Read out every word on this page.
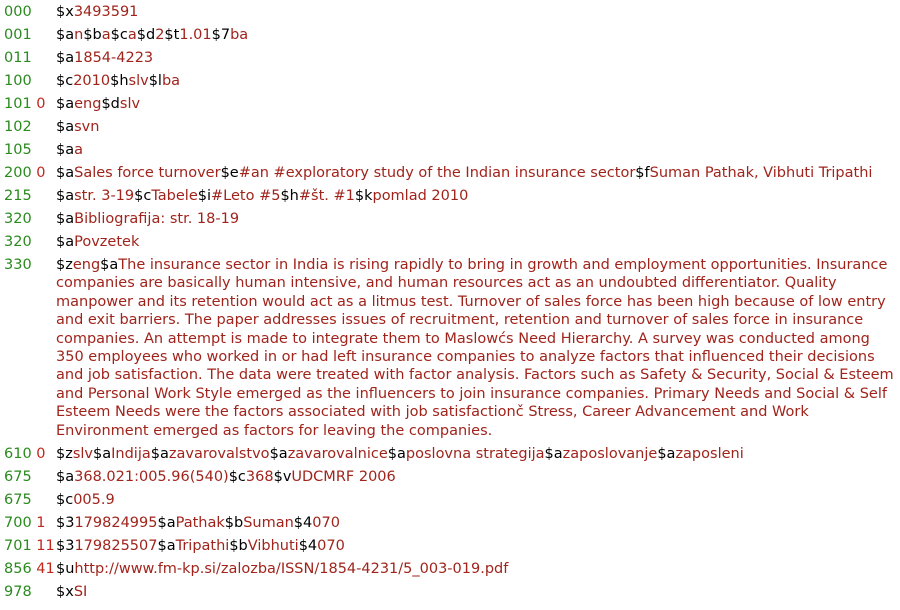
000	$x3493591
001	$an$ba$ca$d2$t1.01$7ba
011	$a1854-4223
100	$c2010$hslv$lba
101 0 $aeng$dslv
102	$asvn
105	$aa
200 0 $aSales force turnover$e#an #exploratory study of the Indian insurance sector$fSuman Pathak, Vibhuti Tripathi
215	$astr. 3-19$cTabele$i#Leto #5$h#št. #1$kpomlad 2010
320	$aBibliografija: str. 18-19
320	$aPovzetek
330	$zeng$aThe insurance sector in India is rising rapidly to bring in growth and employment opportunities. Insurance companies are basically human intensive, and human resources act as an undoubted differentiator. Quality manpower and its retention would act as a litmus test. Turnover of sales force has been high because of low entry and exit barriers. The paper addresses issues of recruitment, retention and turnover of sales force in insurance companies. An attempt is made to integrate them to Maslowćs Need Hierarchy. A survey was conducted among 350 employees who worked in or had left insurance companies to analyze factors that influenced their decisions and job satisfaction. The data were treated with factor analysis. Factors such as Safety & Security, Social & Esteem and Personal Work Style emerged as the influencers to join insurance companies. Primary Needs and Social & Self Esteem Needs were the factors associated with job satisfactionč Stress, Career Advancement and Work Environment emerged as factors for leaving the companies.
610 0 $zslv$aIndija$azavarovalstvo$azavarovalnice$aposlovna strategija$azaposlovanje$azaposleni
675	$a368.021:005.96(540)$c368$vUDCMRF 2006
675	$c005.9
700 1 $3179824995$aPathak$bSuman$4070
701 11 $3179825507$aTripathi$bVibhuti$4070
856 41 $uhttp://www.fm-kp.si/zalozba/ISSN/1854-4231/5_003-019.pdf
978	$xSI
